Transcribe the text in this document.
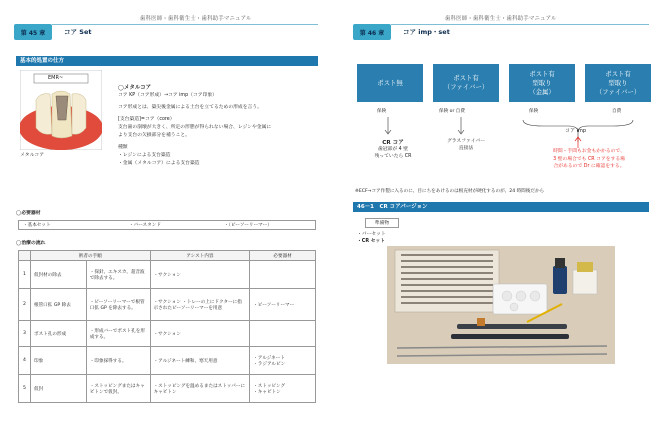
歯科医師・歯科衛生士・歯科助手マニュアル
第 45 章	コア Set
基本的処置の仕方
EMR~
メタルコア
◯メタルコア
コア KP（コア形成）→コア imp（コア印象）
コア形成とは、築尖後金属による土台を立てるための形成を言う。
[支台築造]=コア（core）
支台歯の崩壊が大きく、所定の形態が得られない場合、レジンや金属に
より支台の欠損部分を補うこと。
種類
・レジンによる支台築造
・金属（メタルコア）による支台築造
◯必要器材
・基本セット	・バースタンド	・（ピーソーリーマー）
◯治療の流れ
	術者の手順		アシスト内容	必要器材
1	仮封材の除去	・探針、エキスカ、超音波で除去する。	・サクション	
2	根管口拡 GP 除去	・ピーソーリーマーで根管口拡 GP を除去する。	・サクション ・トレーの上にドクターに指示されたピーソーリーマーを用意	・ピーソーリーマー
3	ポスト孔の形成	・形成バーでポスト孔を形成する。	・サクション	
4	印象	・印象採得する。	・アルジネート練和、寒天用意	・アルジネート
・ラジアルピン
5	仮封	・ストッピングまたはキャビトンで仮封。	・ストッピングを温めるまたはストッパーにキャビトン	・ストッピング
・キャビトン
歯科医師・歯科衛生士・歯科助手マニュアル
第 46 章	コア imp・set
ポスト無
ポスト有
（ファイバー）
ポスト有
型取り
（金属）
ポスト有
型取り
（ファイバー）
保険
CR コア
歯冠部が 4 壁
残っていたら CR
保険 or 自費
グラスファイバー
直接法
保険	自費
コア imp
時間・手間もお金もかかるので、
3 壁の場合でも CR コアをする場
合があるので Dr に確認をする。
※ECF→コア作製に入るのに、目にちをあけるのは根充材が硬化するのが、24 時間後だから
46－1　CR コアパージョン
準備物
・バーセット
・CR セット
